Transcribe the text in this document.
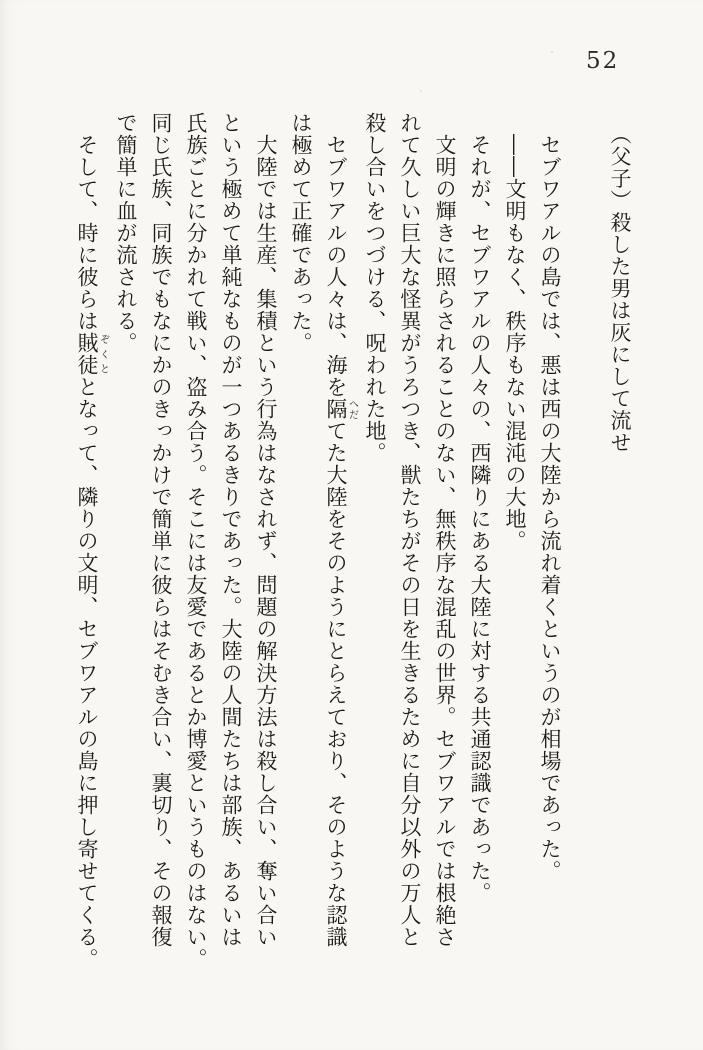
52
　（父子）殺した男は灰にして流せ
　セブワアルの島では、悪は西の大陸から流れ着くというのが相場であった。
　――文明もなく、秩序もない混沌の大地。
　それが、セブワアルの人々の、西隣りにある大陸に対する共通認識であった。
　文明の輝きに照らされることのない、無秩序な混乱の世界。セブワアルでは根絶さ
れて久しい巨大な怪異がうろつき、獣たちがその日を生きるために自分以外の万人と
殺し合いをつづける、呪われた地。
　セブワアルの人々は、海を隔へだてた大陸をそのようにとらえており、そのような認識
は極めて正確であった。
　大陸では生産、集積という行為はなされず、問題の解決方法は殺し合い、奪い合い
という極めて単純なものが一つあるきりであった。大陸の人間たちは部族、あるいは
氏族ごとに分かれて戦い、盗み合う。そこには友愛であるとか博愛というものはない。
同じ氏族、同族でもなにかのきっかけで簡単に彼らはそむき合い、裏切り、その報復
で簡単に血が流される。
　そして、時に彼らは賊徒ぞくととなって、隣りの文明、セブワアルの島に押し寄せてくる。
